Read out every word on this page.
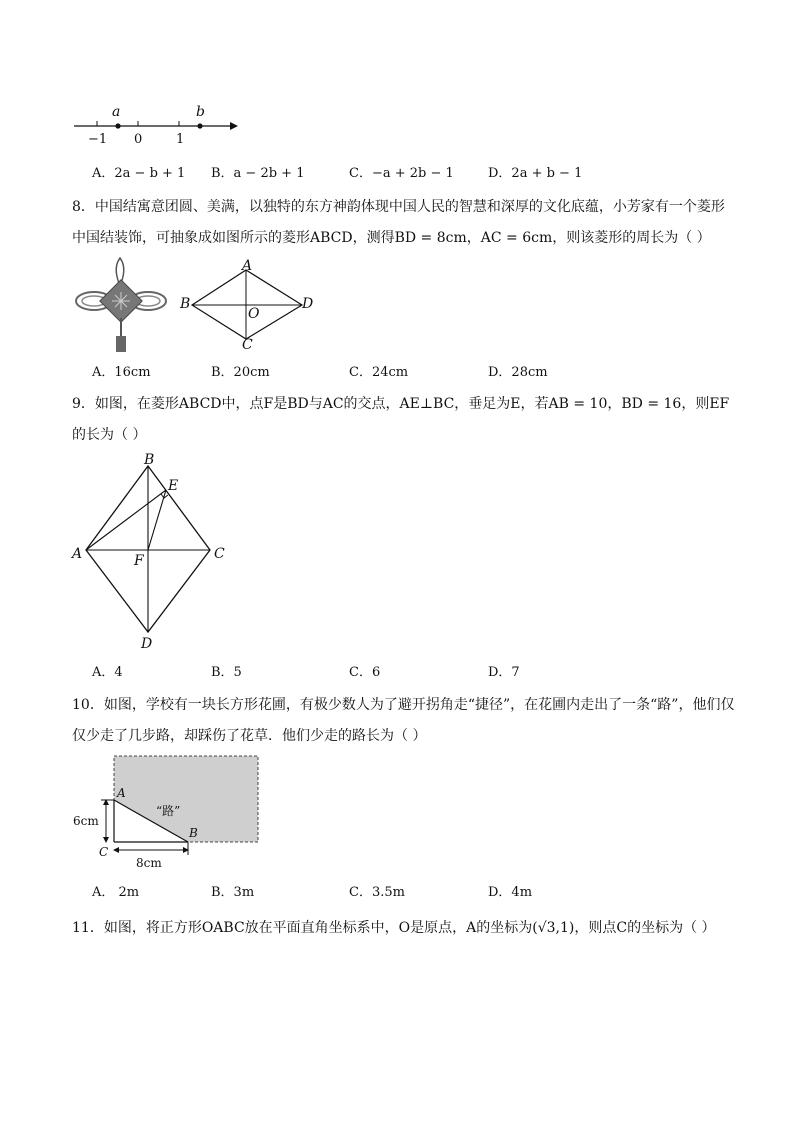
a	b
−1 0	1
A．2a − b + 1 B．a − 2b + 1	C．−a + 2b − 1	D．2a + b − 1
8．中国结寓意团圆、美满，以独特的东方神韵体现中国人民的智慧和深厚的文化底蕴，小芳家有一个菱形
中国结装饰，可抽象成如图所示的菱形ABCD，测得BD = 8cm，AC = 6cm，则该菱形的周长为（ ）
A
B
C
D
O
A．16cm	B．20cm	C．24cm	D．28cm
9．如图，在菱形ABCD中，点F是BD与AC的交点，AE⊥BC，垂足为E，若AB = 10，BD = 16，则EF
的长为（ ）
B
E
A	C
F
D
A．4	B．5	C．6	D．7
10．如图，学校有一块长方形花圃，有极少数人为了避开拐角走“捷径”，在花圃内走出了一条“路”，他们仅
仅少走了几步路，却踩伤了花草．他们少走的路长为（ ）
A
B
C
“路”
6cm
8cm
A． 2m	B．3m	C．3.5m	D．4m
11．如图，将正方形OABC放在平面直角坐标系中，O是原点，A的坐标为(√3,1)，则点C的坐标为（ ）
